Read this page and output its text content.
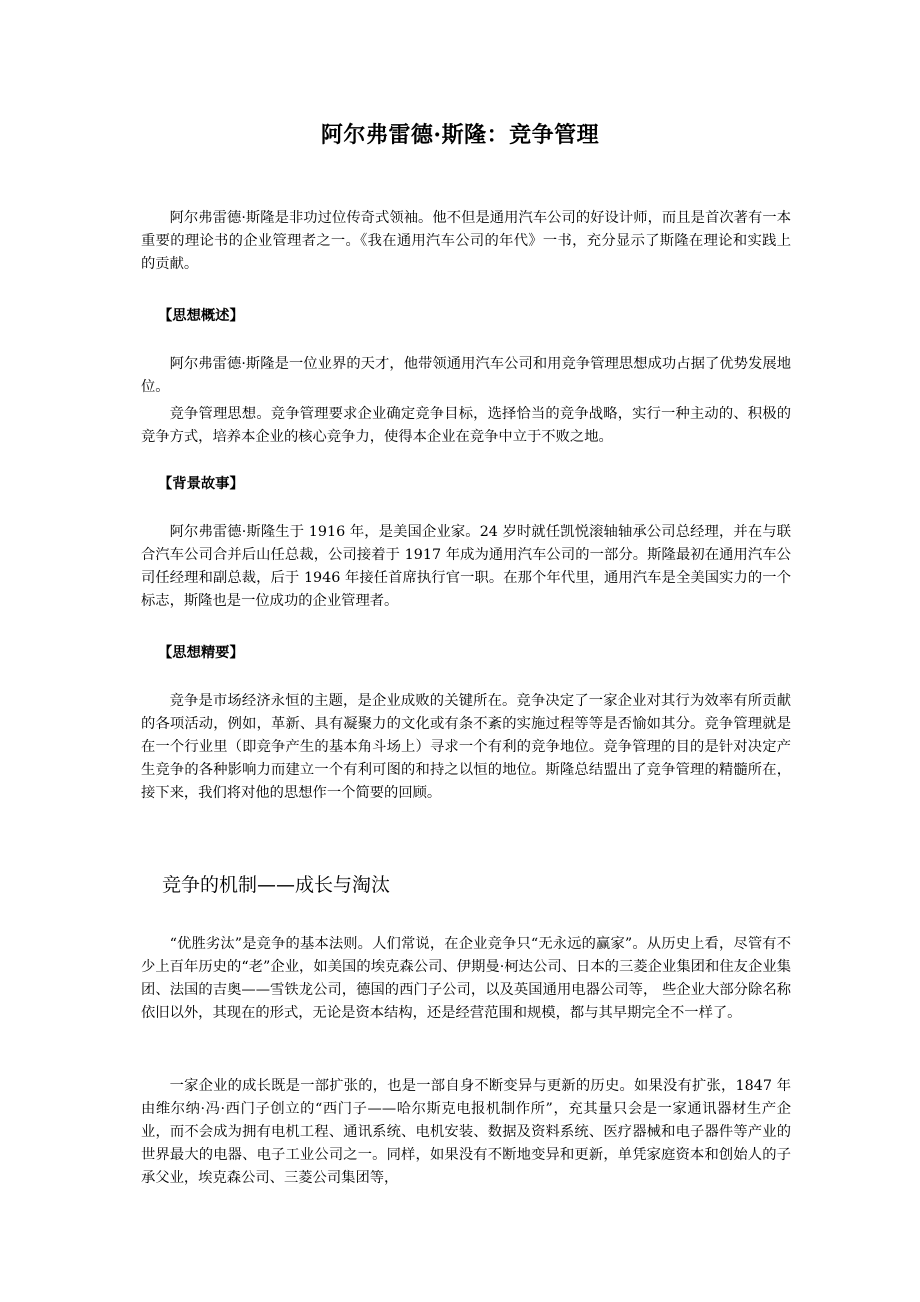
阿尔弗雷德·斯隆：竞争管理

阿尔弗雷德·斯隆是非功过位传奇式领袖。他不但是通用汽车公司的好设计师，而且是首次著有一本重要的理论书的企业管理者之一。《我在通用汽车公司的年代》一书，充分显示了斯隆在理论和实践上的贡献。

【思想概述】

阿尔弗雷德·斯隆是一位业界的天才，他带领通用汽车公司和用竞争管理思想成功占据了优势发展地位。

竞争管理思想。竞争管理要求企业确定竞争目标，选择恰当的竞争战略，实行一种主动的、积极的竞争方式，培养本企业的核心竞争力，使得本企业在竞争中立于不败之地。

【背景故事】

阿尔弗雷德·斯隆生于 1916 年，是美国企业家。24 岁时就任凯悦滚轴轴承公司总经理，并在与联合汽车公司合并后山任总裁，公司接着于 1917 年成为通用汽车公司的一部分。斯隆最初在通用汽车公司任经理和副总裁，后于 1946 年接任首席执行官一职。在那个年代里，通用汽车是全美国实力的一个标志，斯隆也是一位成功的企业管理者。

【思想精要】

竞争是市场经济永恒的主题，是企业成败的关键所在。竞争决定了一家企业对其行为效率有所贡献的各项活动，例如，革新、具有凝聚力的文化或有条不紊的实施过程等等是否愉如其分。竞争管理就是在一个行业里（即竞争产生的基本角斗场上）寻求一个有利的竞争地位。竞争管理的目的是针对决定产生竞争的各种影响力而建立一个有利可图的和持之以恒的地位。斯隆总结盟出了竞争管理的精髓所在，接下来，我们将对他的思想作一个简要的回顾。

竞争的机制——成长与淘汰

“优胜劣汰”是竞争的基本法则。人们常说，在企业竞争只“无永远的赢家”。从历史上看，尽管有不少上百年历史的“老”企业，如美国的埃克森公司、伊期曼·柯达公司、日本的三菱企业集团和住友企业集团、法国的吉奥——雪铁龙公司，德国的西门子公司，以及英国通用电器公司等， 些企业大部分除名称依旧以外，其现在的形式，无论是资本结构，还是经营范围和规模，都与其早期完全不一样了。

一家企业的成长既是一部扩张的，也是一部自身不断变异与更新的历史。如果没有扩张，1847 年由维尔纳·冯·西门子创立的“西门子——哈尔斯克电报机制作所”，充其量只会是一家通讯器材生产企业，而不会成为拥有电机工程、通讯系统、电机安装、数据及资料系统、医疗器械和电子器件等产业的世界最大的电器、电子工业公司之一。同样，如果没有不断地变异和更新，单凭家庭资本和创始人的子承父业，埃克森公司、三菱公司集团等，
